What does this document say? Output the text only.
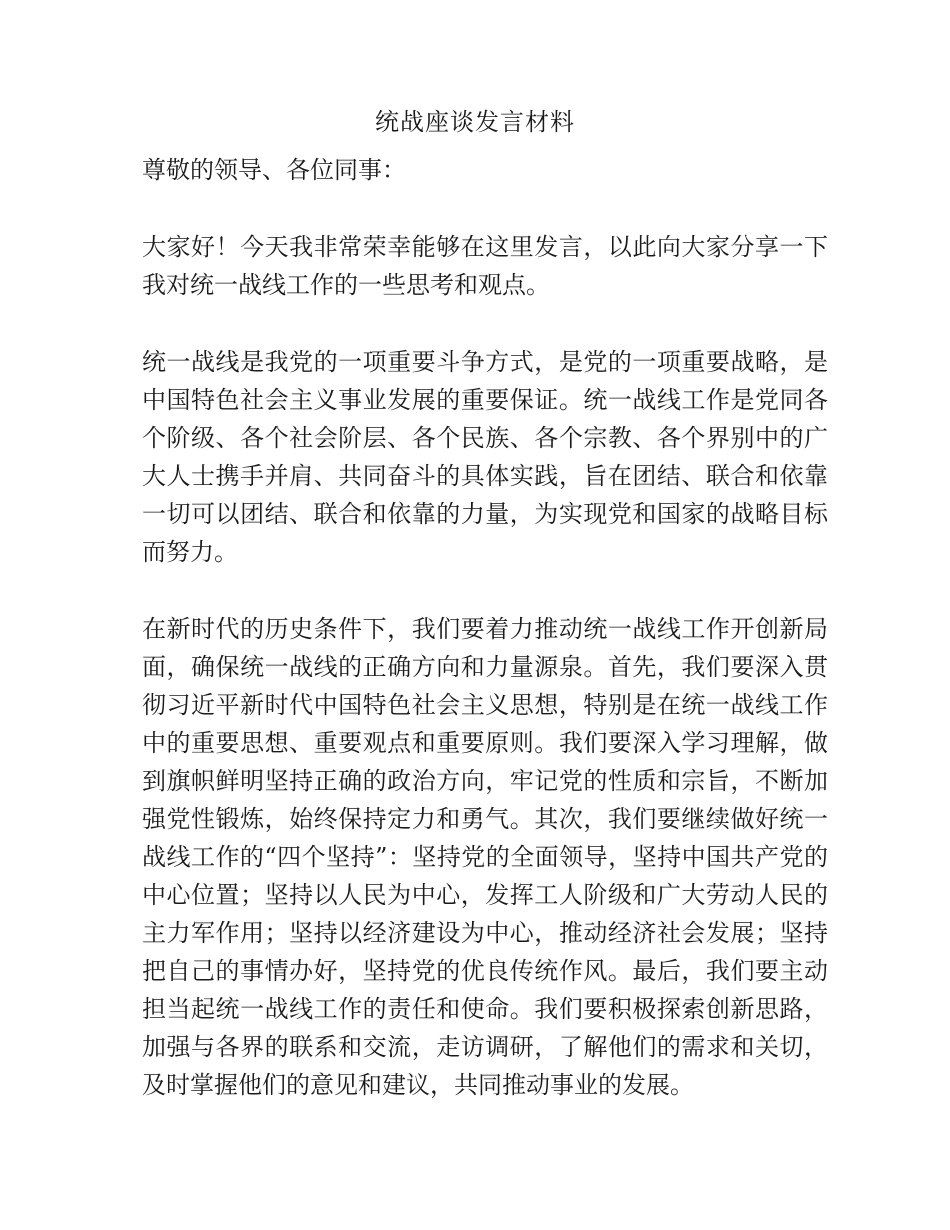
统战座谈发言材料

尊敬的领导、各位同事：

大家好！今天我非常荣幸能够在这里发言，以此向大家分享一下我对统一战线工作的一些思考和观点。

统一战线是我党的一项重要斗争方式，是党的一项重要战略，是中国特色社会主义事业发展的重要保证。统一战线工作是党同各个阶级、各个社会阶层、各个民族、各个宗教、各个界别中的广大人士携手并肩、共同奋斗的具体实践，旨在团结、联合和依靠一切可以团结、联合和依靠的力量，为实现党和国家的战略目标而努力。

在新时代的历史条件下，我们要着力推动统一战线工作开创新局面，确保统一战线的正确方向和力量源泉。首先，我们要深入贯彻习近平新时代中国特色社会主义思想，特别是在统一战线工作中的重要思想、重要观点和重要原则。我们要深入学习理解，做到旗帜鲜明坚持正确的政治方向，牢记党的性质和宗旨，不断加强党性锻炼，始终保持定力和勇气。其次，我们要继续做好统一战线工作的“四个坚持”：坚持党的全面领导，坚持中国共产党的中心位置；坚持以人民为中心，发挥工人阶级和广大劳动人民的主力军作用；坚持以经济建设为中心，推动经济社会发展；坚持把自己的事情办好，坚持党的优良传统作风。最后，我们要主动担当起统一战线工作的责任和使命。我们要积极探索创新思路，加强与各界的联系和交流，走访调研，了解他们的需求和关切，及时掌握他们的意见和建议，共同推动事业的发展。
